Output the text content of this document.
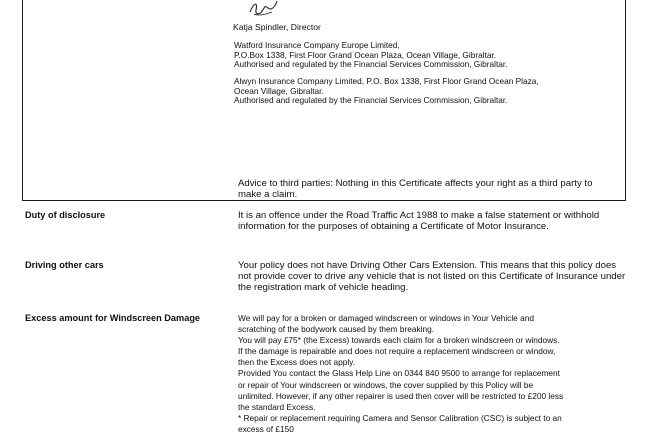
Katja Spindler, Director

Watford Insurance Company Europe Limited,

P.O.Box 1338, First Floor Grand Ocean Plaza, Ocean Village, Gibraltar.

Authorised and regulated by the Financial Services Commission, Gibraltar.

Alwyn Insurance Company Limited, P.O. Box 1338, First Floor Grand Ocean Plaza,

Ocean Village, Gibraltar.

Authorised and regulated by the Financial Services Commission, Gibraltar.

Advice to third parties: Nothing in this Certificate affects your right as a third party to make a claim.
Duty of disclosure	It is an offence under the Road Traffic Act 1988 to make a false statement or withhold information for the purposes of obtaining a Certificate of Motor Insurance.
Driving other cars	Your policy does not have Driving Other Cars Extension. This means that this policy does not provide cover to drive any vehicle that is not listed on this Certificate of Insurance under the registration mark of vehicle heading.
Excess amount for Windscreen Damage	We will pay for a broken or damaged windscreen or windows in Your Vehicle and

scratching of the bodywork caused by them breaking.

You will pay £75* (the Excess) towards each claim for a broken windscreen or windows.

If the damage is repairable and does not require a replacement windscreen or window,

then the Excess does not apply.

Provided You contact the Glass Help Line on 0344 840 9500 to arrange for replacement

or repair of Your windscreen or windows, the cover supplied by this Policy will be

unlimited. However, if any other repairer is used then cover will be restricted to £200 less

the standard Excess.

* Repair or replacement requiring Camera and Sensor Calibration (CSC) is subject to an

excess of £150
